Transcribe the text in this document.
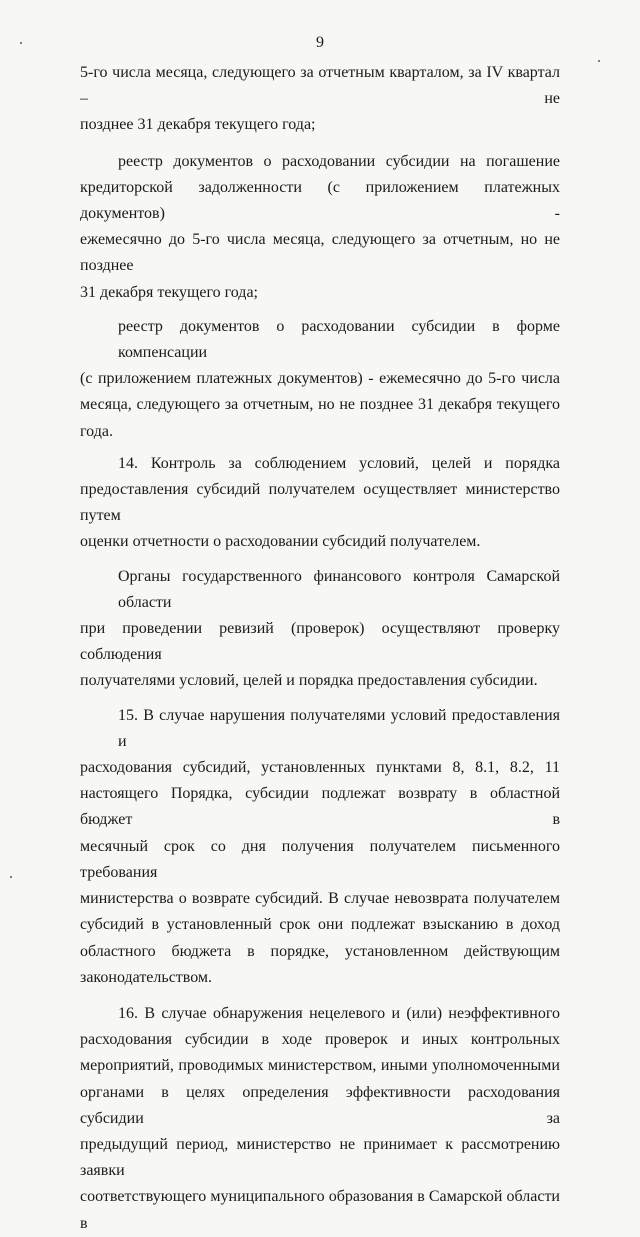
9

5-го числа месяца, следующего за отчетным кварталом, за IV квартал – не
позднее 31 декабря текущего года;

реестр документов о расходовании субсидии на погашение
кредиторской задолженности (с приложением платежных документов) -
ежемесячно до 5-го числа месяца, следующего за отчетным, но не позднее
31 декабря текущего года;

реестр документов о расходовании субсидии в форме компенсации
(с приложением платежных документов) - ежемесячно до 5-го числа
месяца, следующего за отчетным, но не позднее 31 декабря текущего года.

14. Контроль за соблюдением условий, целей и порядка
предоставления субсидий получателем осуществляет министерство путем
оценки отчетности о расходовании субсидий получателем.

Органы государственного финансового контроля Самарской области
при проведении ревизий (проверок) осуществляют проверку соблюдения
получателями условий, целей и порядка предоставления субсидии.

15. В случае нарушения получателями условий предоставления и
расходования субсидий, установленных пунктами 8, 8.1, 8.2, 11
настоящего Порядка, субсидии подлежат возврату в областной бюджет в
месячный срок со дня получения получателем письменного требования
министерства о возврате субсидий. В случае невозврата получателем
субсидий в установленный срок они подлежат взысканию в доход
областного бюджета в порядке, установленном действующим
законодательством.

16. В случае обнаружения нецелевого и (или) неэффективного
расходования субсидии в ходе проверок и иных контрольных
мероприятий, проводимых министерством, иными уполномоченными
органами в целях определения эффективности расходования субсидии за
предыдущий период, министерство не принимает к рассмотрению заявки
соответствующего муниципального образования в Самарской области в
